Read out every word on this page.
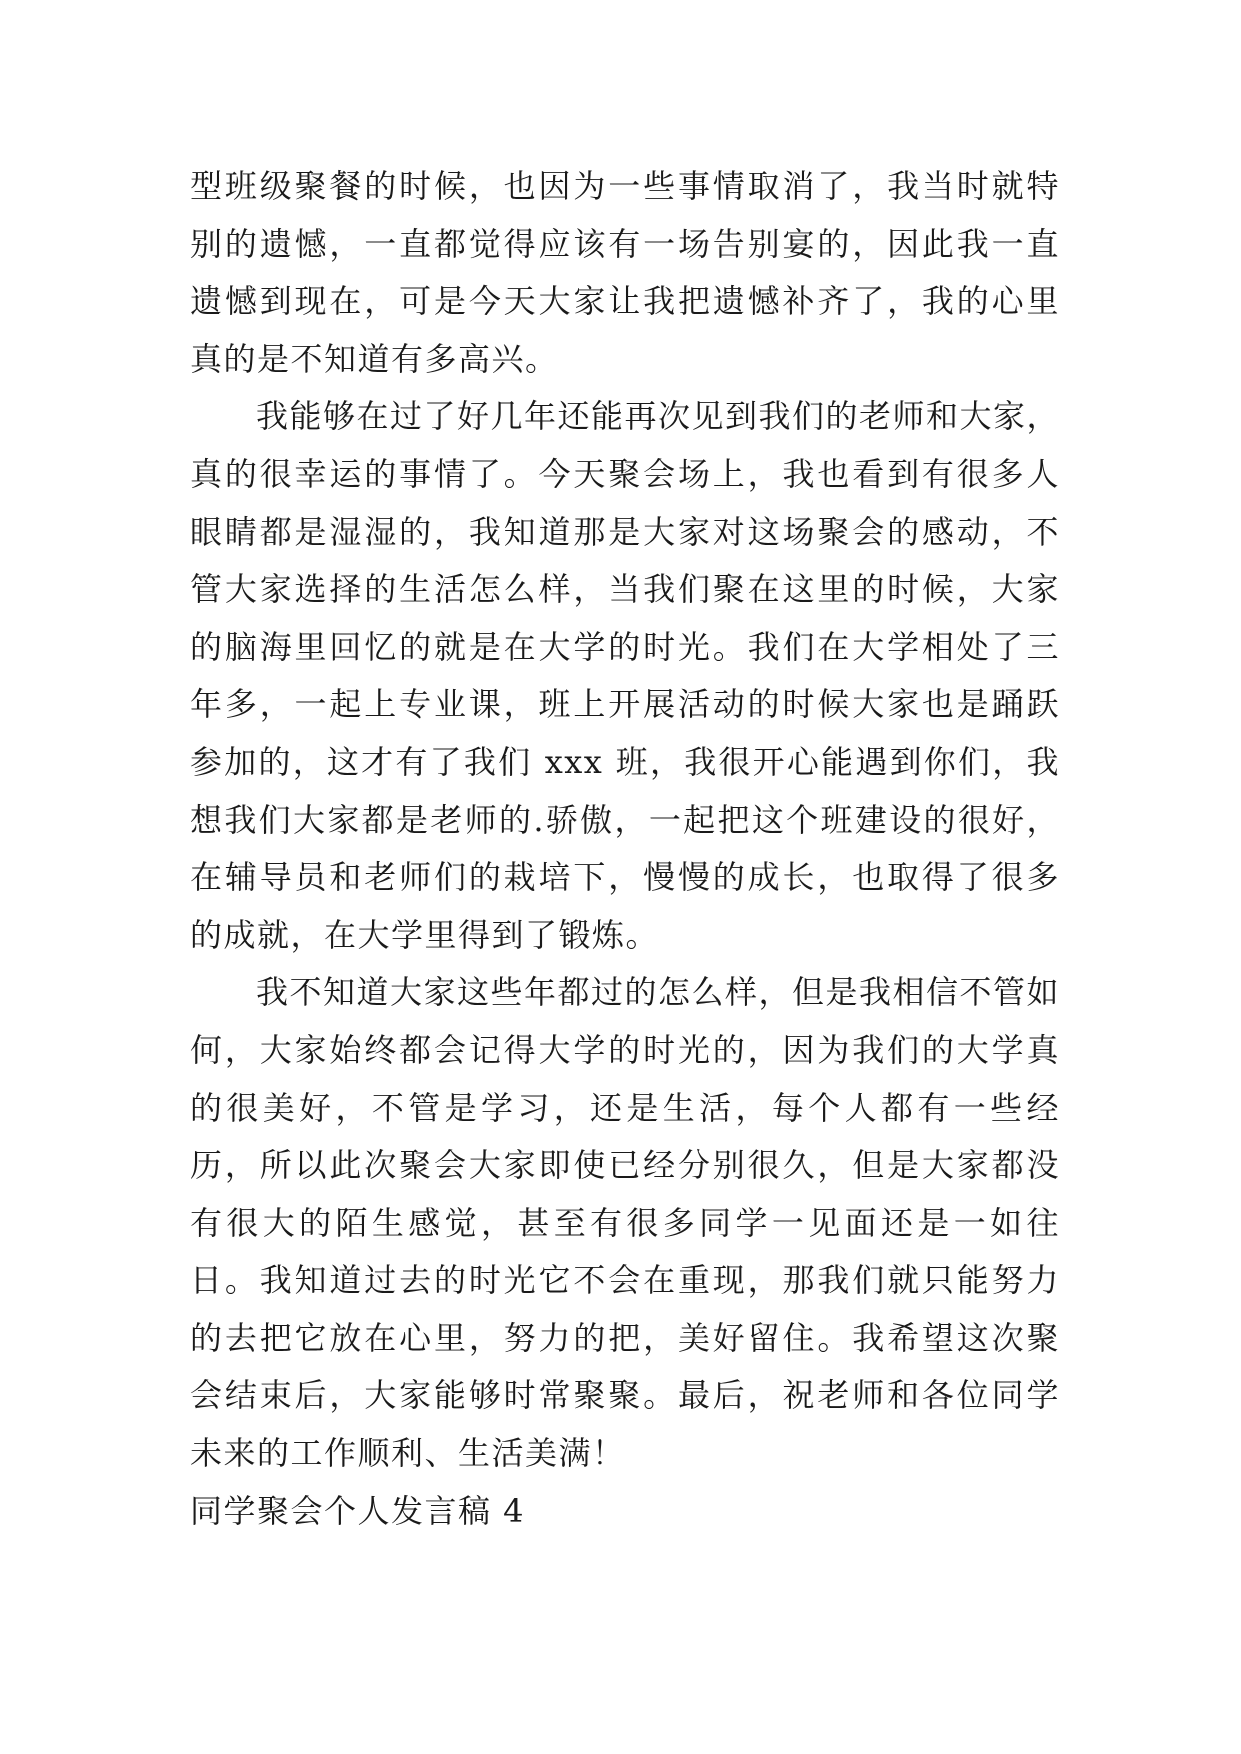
型班级聚餐的时候，也因为一些事情取消了，我当时就特别的遗憾，一直都觉得应该有一场告别宴的，因此我一直遗憾到现在，可是今天大家让我把遗憾补齐了，我的心里真的是不知道有多高兴。

我能够在过了好几年还能再次见到我们的老师和大家，真的很幸运的事情了。今天聚会场上，我也看到有很多人眼睛都是湿湿的，我知道那是大家对这场聚会的感动，不管大家选择的生活怎么样，当我们聚在这里的时候，大家的脑海里回忆的就是在大学的时光。我们在大学相处了三年多，一起上专业课，班上开展活动的时候大家也是踊跃参加的，这才有了我们 xxx 班，我很开心能遇到你们，我想我们大家都是老师的.骄傲，一起把这个班建设的很好，在辅导员和老师们的栽培下，慢慢的成长，也取得了很多的成就，在大学里得到了锻炼。

我不知道大家这些年都过的怎么样，但是我相信不管如何，大家始终都会记得大学的时光的，因为我们的大学真的很美好，不管是学习，还是生活，每个人都有一些经历，所以此次聚会大家即使已经分别很久，但是大家都没有很大的陌生感觉，甚至有很多同学一见面还是一如往日。我知道过去的时光它不会在重现，那我们就只能努力的去把它放在心里，努力的把，美好留住。我希望这次聚会结束后，大家能够时常聚聚。最后，祝老师和各位同学未来的工作顺利、生活美满！

同学聚会个人发言稿 4
